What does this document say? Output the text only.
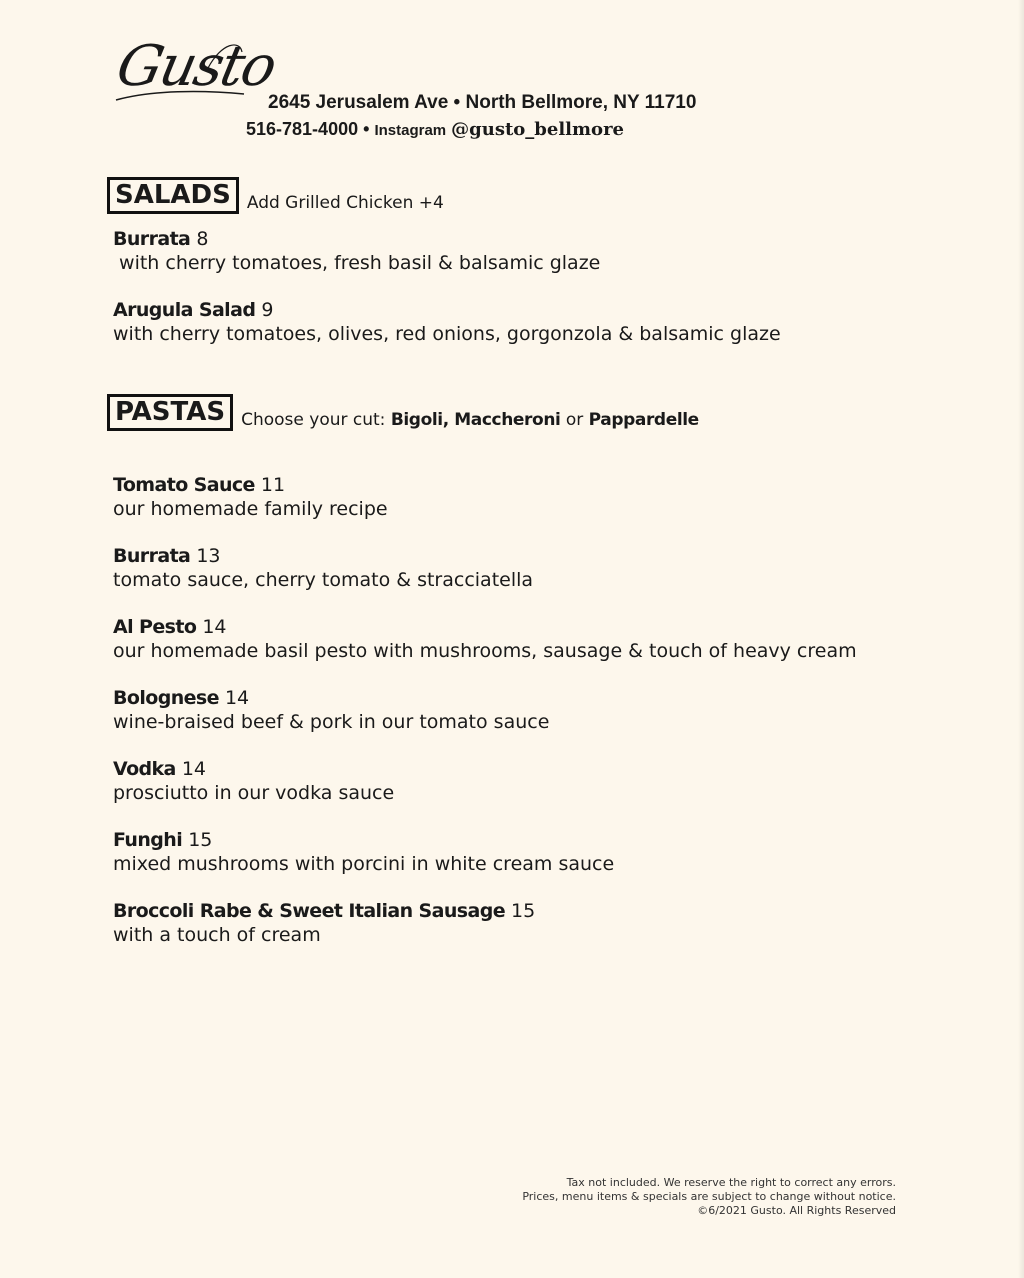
Gusto
2645 Jerusalem Ave • North Bellmore, NY 11710
516-781-4000 • Instagram @gusto_bellmore
SALADS Add Grilled Chicken +4
Burrata 8
with cherry tomatoes, fresh basil & balsamic glaze
Arugula Salad 9
with cherry tomatoes, olives, red onions, gorgonzola & balsamic glaze
PASTAS Choose your cut: Bigoli, Maccheroni or Pappardelle
Tomato Sauce 11
our homemade family recipe
Burrata 13
tomato sauce, cherry tomato & stracciatella
Al Pesto 14
our homemade basil pesto with mushrooms, sausage & touch of heavy cream
Bolognese 14
wine-braised beef & pork in our tomato sauce
Vodka 14
prosciutto in our vodka sauce
Funghi 15
mixed mushrooms with porcini in white cream sauce
Broccoli Rabe & Sweet Italian Sausage 15
with a touch of cream
Tax not included. We reserve the right to correct any errors.
Prices, menu items & specials are subject to change without notice.
©6/2021 Gusto. All Rights Reserved
